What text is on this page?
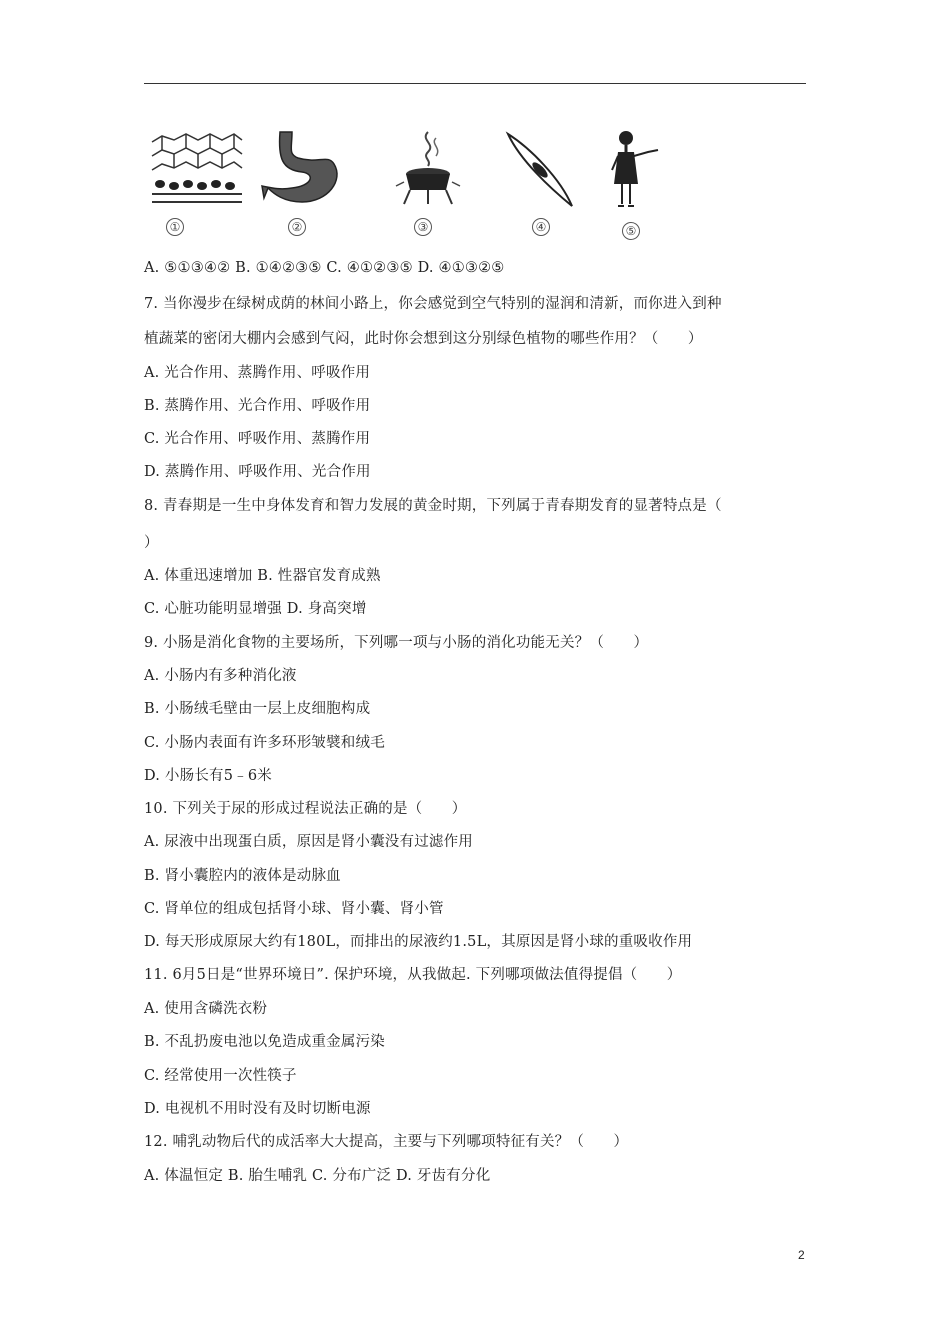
①	②	③	④	⑤
A. ⑤①③④② B. ①④②③⑤ C. ④①②③⑤ D. ④①③②⑤
7. 当你漫步在绿树成荫的林间小路上，你会感觉到空气特别的湿润和清新，而你进入到种
植蔬菜的密闭大棚内会感到气闷，此时你会想到这分别绿色植物的哪些作用？（　　）
A. 光合作用、蒸腾作用、呼吸作用
B. 蒸腾作用、光合作用、呼吸作用
C. 光合作用、呼吸作用、蒸腾作用
D. 蒸腾作用、呼吸作用、光合作用
8. 青春期是一生中身体发育和智力发展的黄金时期，下列属于青春期发育的显著特点是（
）
A. 体重迅速增加 B. 性器官发育成熟
C. 心脏功能明显增强 D. 身高突增
9. 小肠是消化食物的主要场所，下列哪一项与小肠的消化功能无关？（　　）
A. 小肠内有多种消化液
B. 小肠绒毛壁由一层上皮细胞构成
C. 小肠内表面有许多环形皱襞和绒毛
D. 小肠长有5﹣6米
10. 下列关于尿的形成过程说法正确的是（　　）
A. 尿液中出现蛋白质，原因是肾小囊没有过滤作用
B. 肾小囊腔内的液体是动脉血
C. 肾单位的组成包括肾小球、肾小囊、肾小管
D. 每天形成原尿大约有180L，而排出的尿液约1.5L，其原因是肾小球的重吸收作用
11. 6月5日是“世界环境日”. 保护环境，从我做起. 下列哪项做法值得提倡（　　）
A. 使用含磷洗衣粉
B. 不乱扔废电池以免造成重金属污染
C. 经常使用一次性筷子
D. 电视机不用时没有及时切断电源
12. 哺乳动物后代的成活率大大提高，主要与下列哪项特征有关？（　　）
A. 体温恒定 B. 胎生哺乳 C. 分布广泛 D. 牙齿有分化
2
